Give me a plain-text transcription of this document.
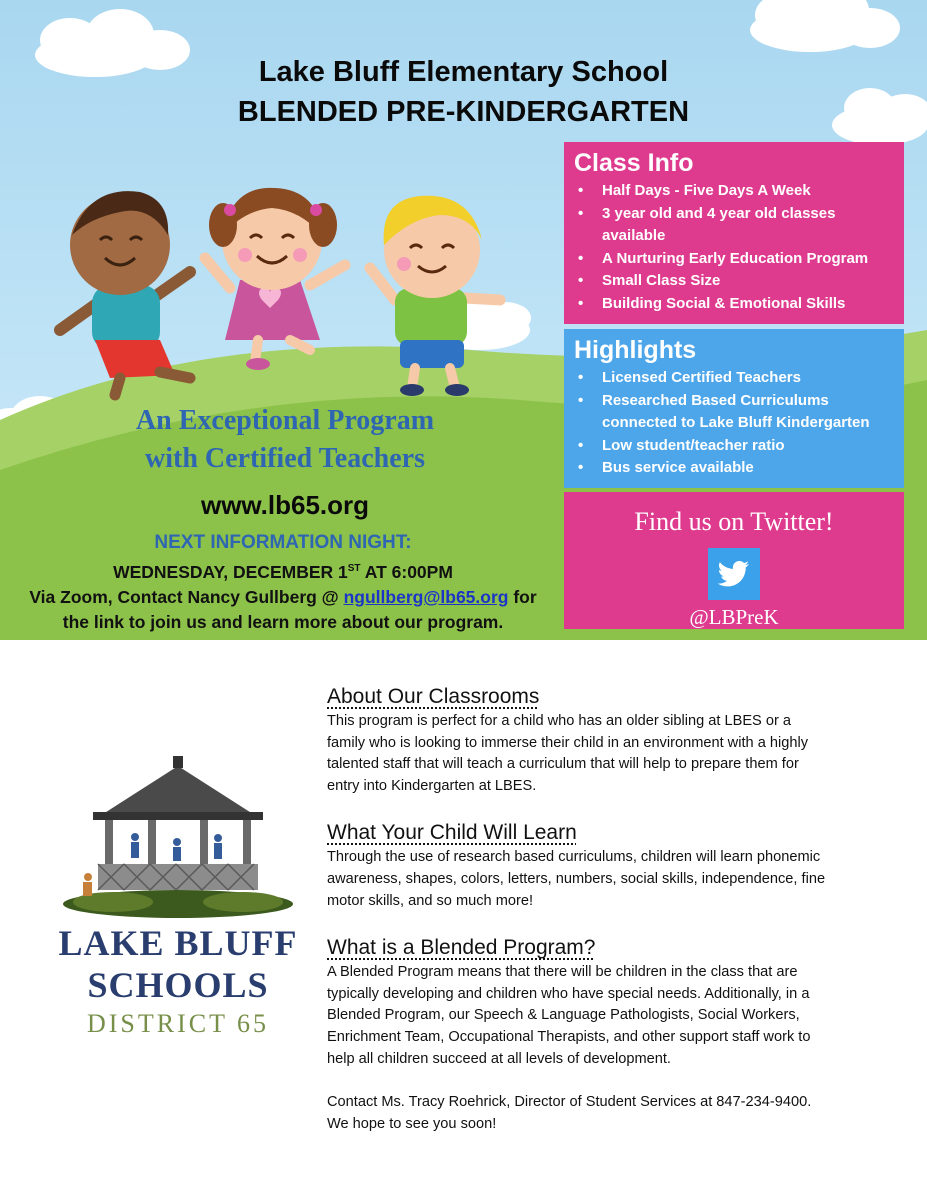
Lake Bluff Elementary School
BLENDED PRE-KINDERGARTEN
An Exceptional Program
with Certified Teachers
www.lb65.org
NEXT INFORMATION NIGHT:
WEDNESDAY, DECEMBER 1ST AT 6:00PM
Via Zoom, Contact Nancy Gullberg @ ngullberg@lb65.org for
the link to join us and learn more about our program.
Class Info
• Half Days - Five Days A Week
• 3 year old and 4 year old classes available
• A Nurturing Early Education Program
• Small Class Size
• Building Social & Emotional Skills
Highlights
• Licensed Certified Teachers
• Researched Based Curriculums connected to Lake Bluff Kindergarten
• Low student/teacher ratio
• Bus service available
Find us on Twitter!
@LBPreK
LAKE BLUFF
SCHOOLS
DISTRICT 65
About Our Classrooms
This program is perfect for a child who has an older sibling at LBES or a family who is looking to immerse their child in an environment with a highly talented staff that will teach a curriculum that will help to prepare them for entry into Kindergarten at LBES.
What Your Child Will Learn
Through the use of research based curriculums, children will learn phonemic awareness, shapes, colors, letters, numbers, social skills, independence, fine motor skills, and so much more!
What is a Blended Program?
A Blended Program means that there will be children in the class that are typically developing and children who have special needs. Additionally, in a Blended Program, our Speech & Language Pathologists, Social Workers, Enrichment Team, Occupational Therapists, and other support staff work to help all children succeed at all levels of development.
Contact Ms. Tracy Roehrick, Director of Student Services at 847-234-9400. We hope to see you soon!
